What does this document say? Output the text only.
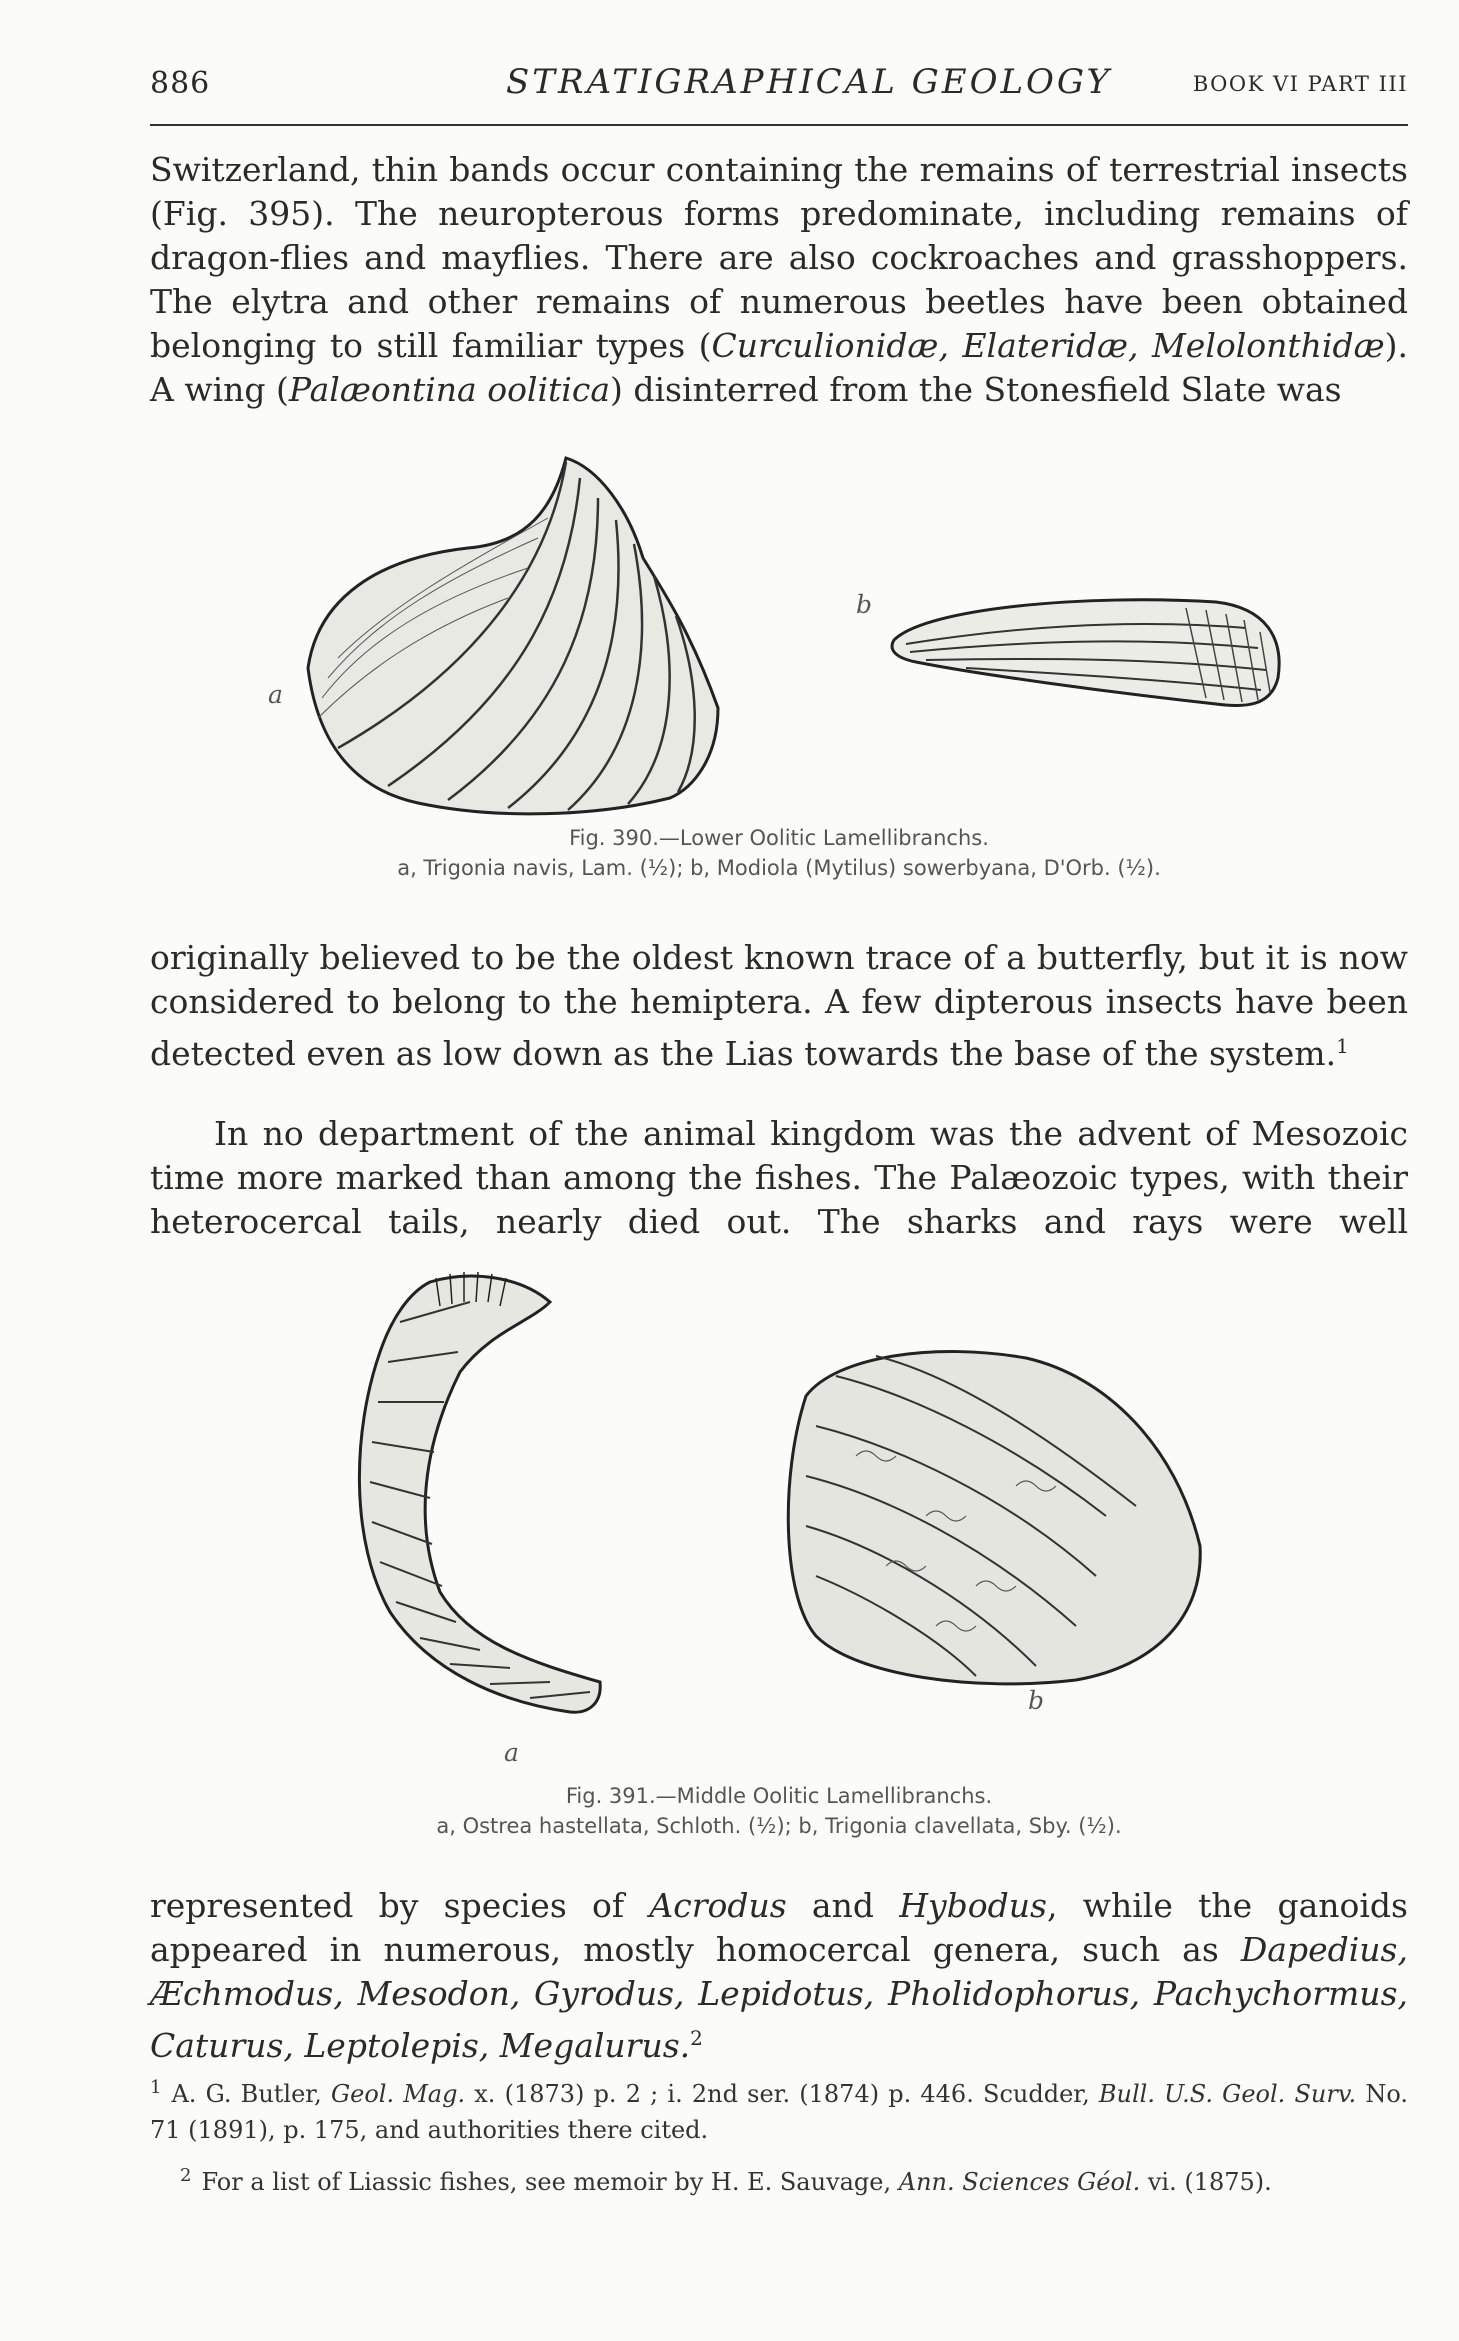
886	STRATIGRAPHICAL GEOLOGY	BOOK VI PART III

Switzerland, thin bands occur containing the remains of terrestrial insects (Fig. 395). The neuropterous forms predominate, including remains of dragon-flies and mayflies. There are also cockroaches and grasshoppers. The elytra and other remains of numerous beetles have been obtained belonging to still familiar types (Curculionidæ, Elateridæ, Melolonthidæ). A wing (Palæontina oolitica) disinterred from the Stonesfield Slate was

a
b
Fig. 390.—Lower Oolitic Lamellibranchs.
a, Trigonia navis, Lam. (½); b, Modiola (Mytilus) sowerbyana, D'Orb. (½).

originally believed to be the oldest known trace of a butterfly, but it is now considered to belong to the hemiptera. A few dipterous insects have been detected even as low down as the Lias towards the base of the system.$^1$

In no department of the animal kingdom was the advent of Mesozoic time more marked than among the fishes. The Palæozoic types, with their heterocercal tails, nearly died out. The sharks and rays were well

a
b
Fig. 391.—Middle Oolitic Lamellibranchs.
a, Ostrea hastellata, Schloth. (½); b, Trigonia clavellata, Sby. (½).

represented by species of Acrodus and Hybodus, while the ganoids appeared in numerous, mostly homocercal genera, such as Dapedius, Æchmodus, Mesodon, Gyrodus, Lepidotus, Pholidophorus, Pachychormus, Caturus, Leptolepis, Megalurus.$^2$

$^1$ A. G. Butler, Geol. Mag. x. (1873) p. 2 ; i. 2nd ser. (1874) p. 446. Scudder, Bull. U.S. Geol. Surv. No. 71 (1891), p. 175, and authorities there cited.

$^2$ For a list of Liassic fishes, see memoir by H. E. Sauvage, Ann. Sciences Géol. vi. (1875).
